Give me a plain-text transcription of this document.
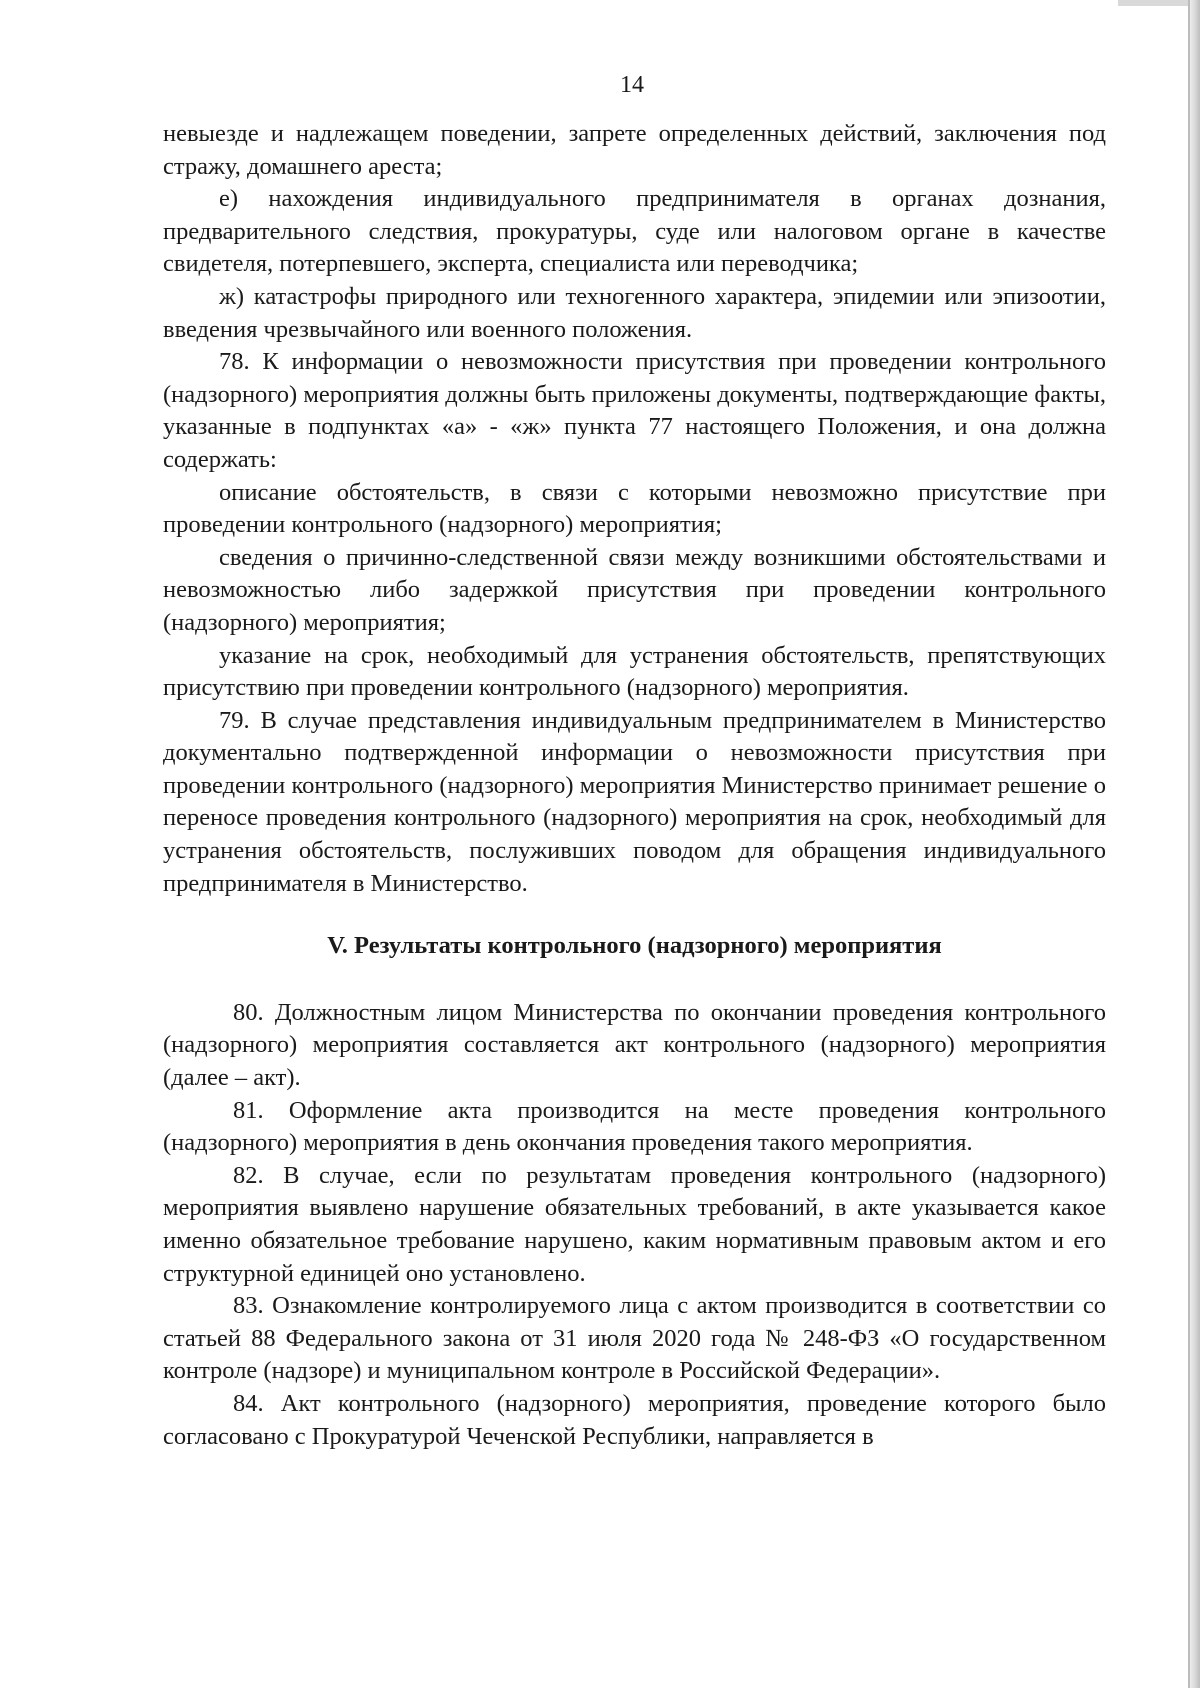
14

невыезде и надлежащем поведении, запрете определенных действий, заключения под стражу, домашнего ареста;

е) нахождения индивидуального предпринимателя в органах дознания, предварительного следствия, прокуратуры, суде или налоговом органе в качестве свидетеля, потерпевшего, эксперта, специалиста или переводчика;

ж) катастрофы природного или техногенного характера, эпидемии или эпизоотии, введения чрезвычайного или военного положения.

78. К информации о невозможности присутствия при проведении контрольного (надзорного) мероприятия должны быть приложены документы, подтверждающие факты, указанные в подпунктах «а» - «ж» пункта 77 настоящего Положения, и она должна содержать:

описание обстоятельств, в связи с которыми невозможно присутствие при проведении контрольного (надзорного) мероприятия;

сведения о причинно-следственной связи между возникшими обстоятельствами и невозможностью либо задержкой присутствия при проведении контрольного (надзорного) мероприятия;

указание на срок, необходимый для устранения обстоятельств, препятствующих присутствию при проведении контрольного (надзорного) мероприятия.

79. В случае представления индивидуальным предпринимателем в Министерство документально подтвержденной информации о невозможности присутствия при проведении контрольного (надзорного) мероприятия Министерство принимает решение о переносе проведения контрольного (надзорного) мероприятия на срок, необходимый для устранения обстоятельств, послуживших поводом для обращения индивидуального предпринимателя в Министерство.

V. Результаты контрольного (надзорного) мероприятия

80. Должностным лицом Министерства по окончании проведения контрольного (надзорного) мероприятия составляется акт контрольного (надзорного) мероприятия (далее – акт).

81. Оформление акта производится на месте проведения контрольного (надзорного) мероприятия в день окончания проведения такого мероприятия.

82. В случае, если по результатам проведения контрольного (надзорного) мероприятия выявлено нарушение обязательных требований, в акте указывается какое именно обязательное требование нарушено, каким нормативным правовым актом и его структурной единицей оно установлено.

83. Ознакомление контролируемого лица с актом производится в соответствии со статьей 88 Федерального закона от 31 июля 2020 года № 248-ФЗ «О государственном контроле (надзоре) и муниципальном контроле в Российской Федерации».

84. Акт контрольного (надзорного) мероприятия, проведение которого было согласовано с Прокуратурой Чеченской Республики, направляется в
